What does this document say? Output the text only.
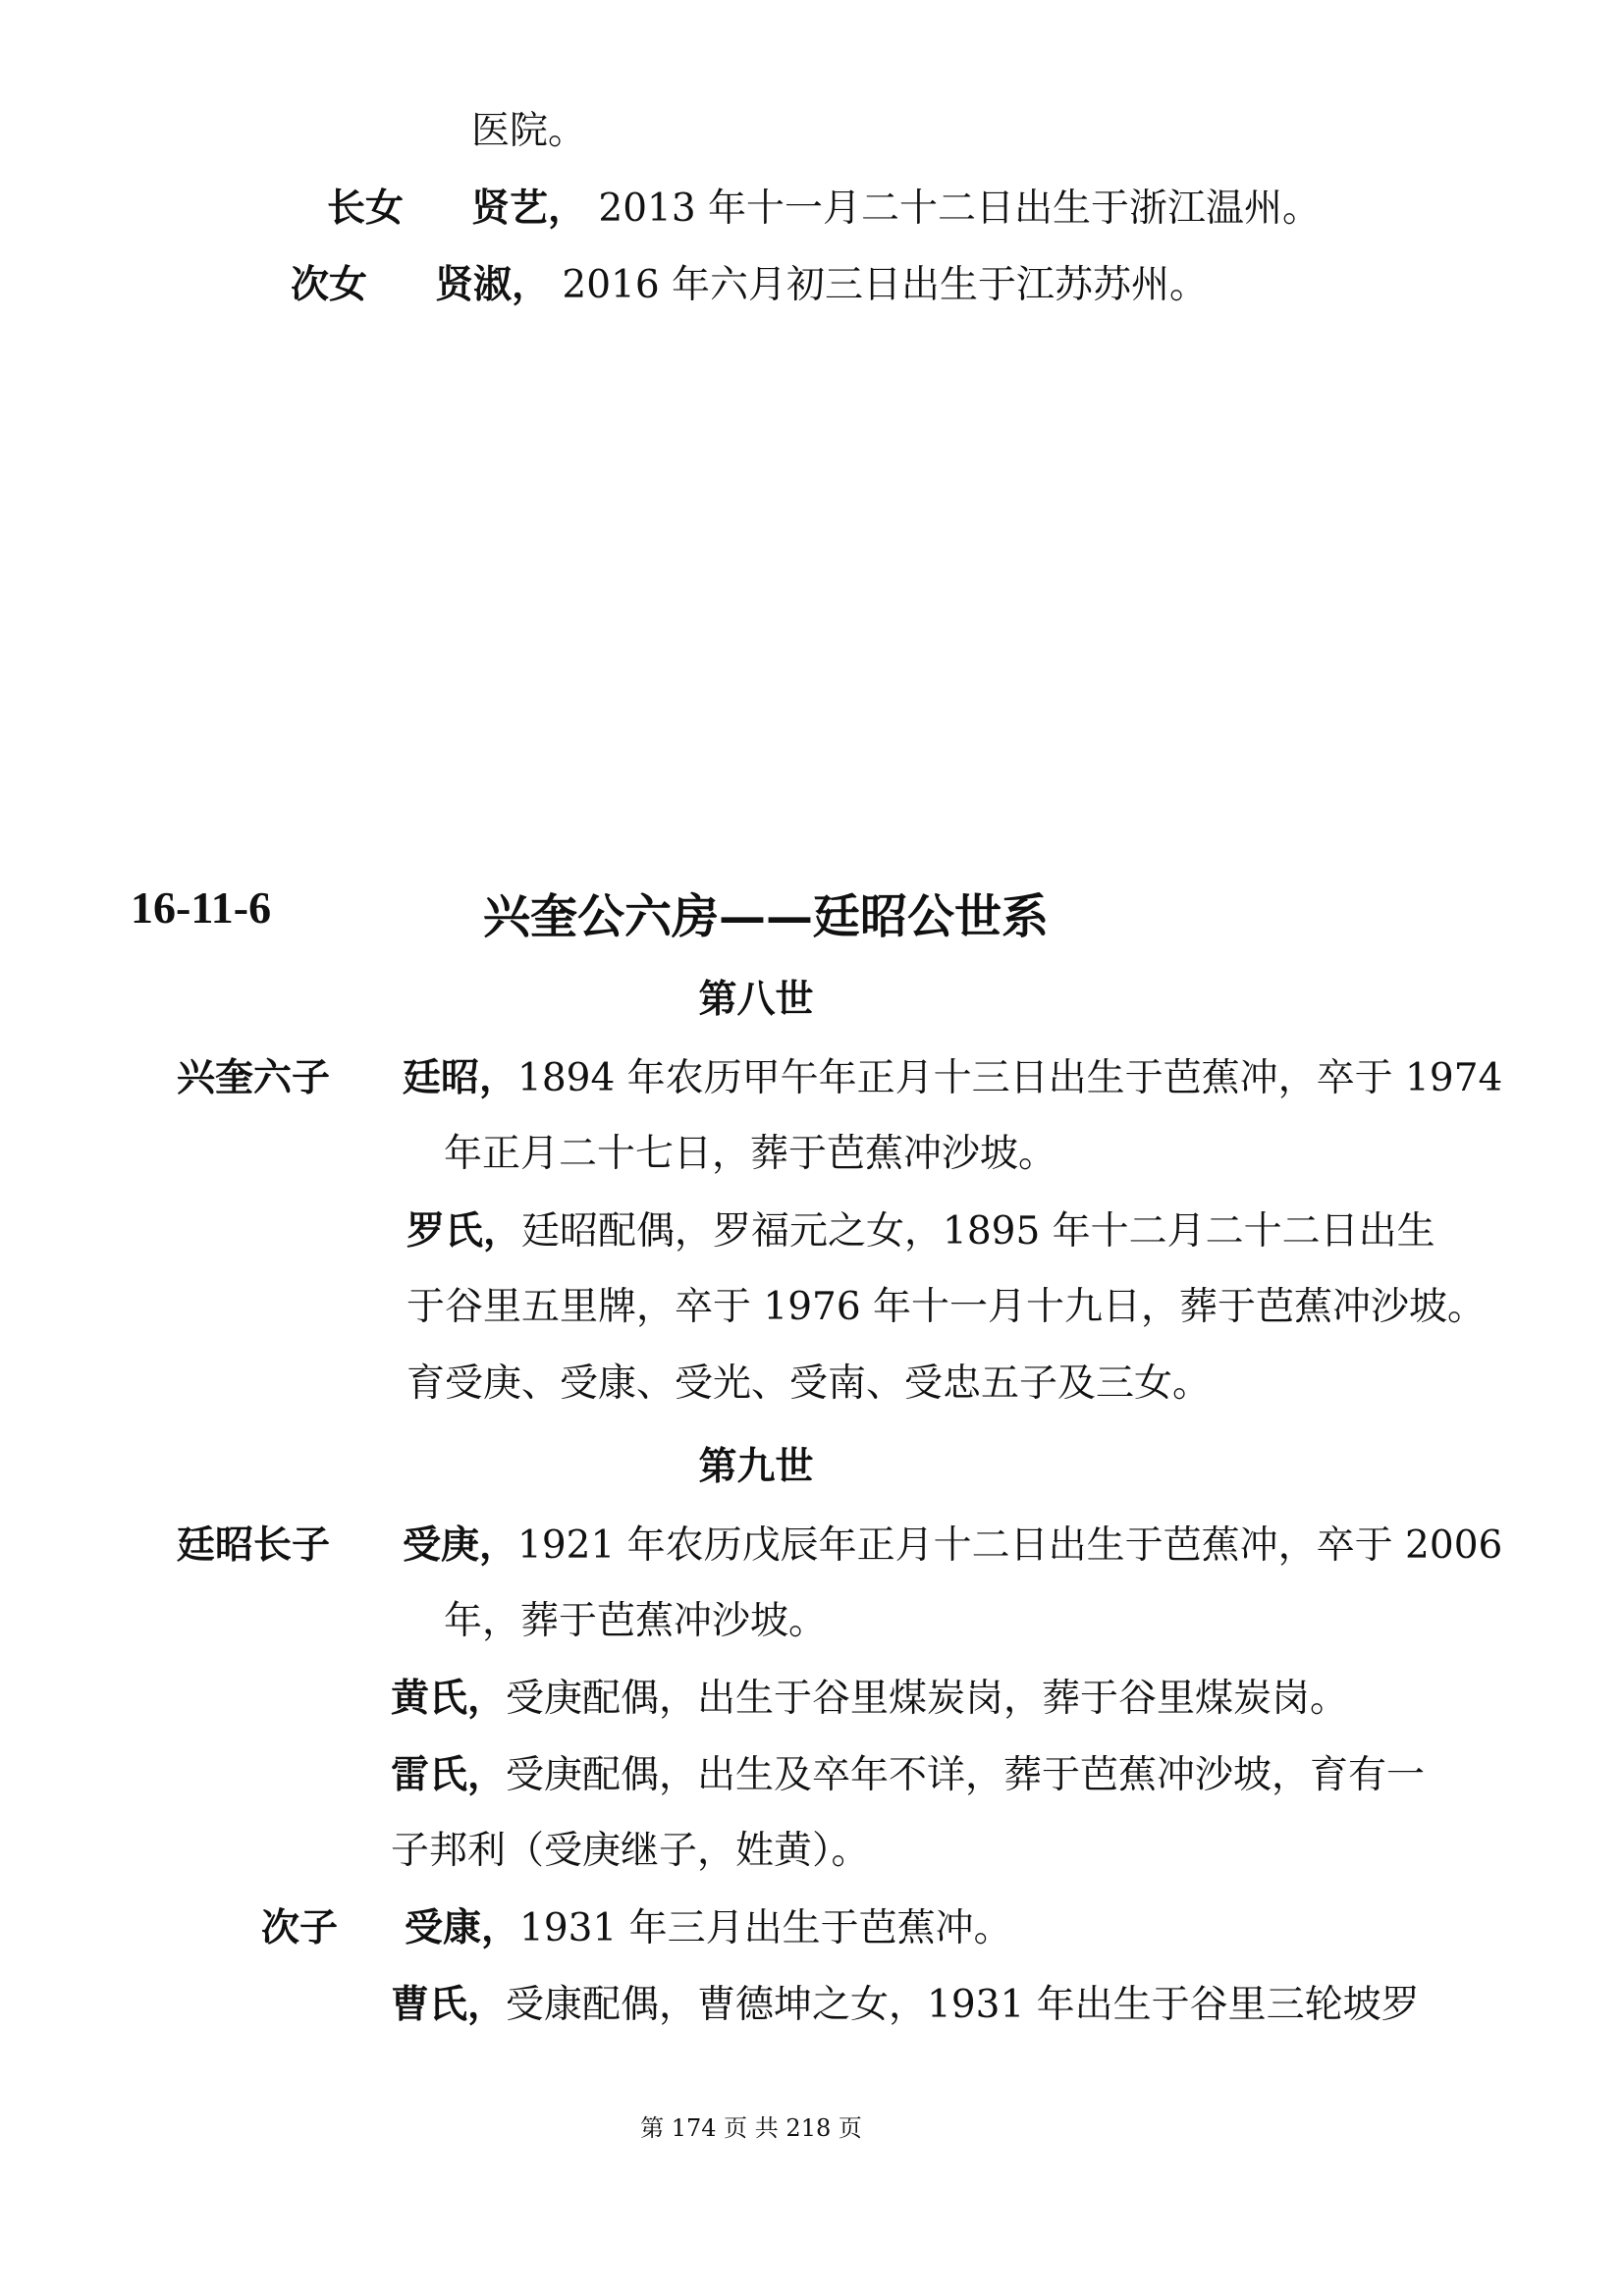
医院。
长女 贤艺， 2013 年十一月二十二日出生于浙江温州。
次女 贤淑， 2016 年六月初三日出生于江苏苏州。
16-11-6	兴奎公六房——廷昭公世系
第八世
兴奎六子 廷昭，1894 年农历甲午年正月十三日出生于芭蕉冲，卒于 1974
年正月二十七日，葬于芭蕉冲沙坡。
罗氏，廷昭配偶，罗福元之女，1895 年十二月二十二日出生
于谷里五里牌，卒于 1976 年十一月十九日，葬于芭蕉冲沙坡。
育受庚、受康、受光、受南、受忠五子及三女。
第九世
廷昭长子 受庚，1921 年农历戊辰年正月十二日出生于芭蕉冲，卒于 2006
年，葬于芭蕉冲沙坡。
黄氏，受庚配偶，出生于谷里煤炭岗，葬于谷里煤炭岗。
雷氏，受庚配偶，出生及卒年不详，葬于芭蕉冲沙坡，育有一
子邦利（受庚继子，姓黄）。
次子 受康，1931 年三月出生于芭蕉冲。
曹氏，受康配偶，曹德坤之女，1931 年出生于谷里三轮坡罗
第 174 页 共 218 页
